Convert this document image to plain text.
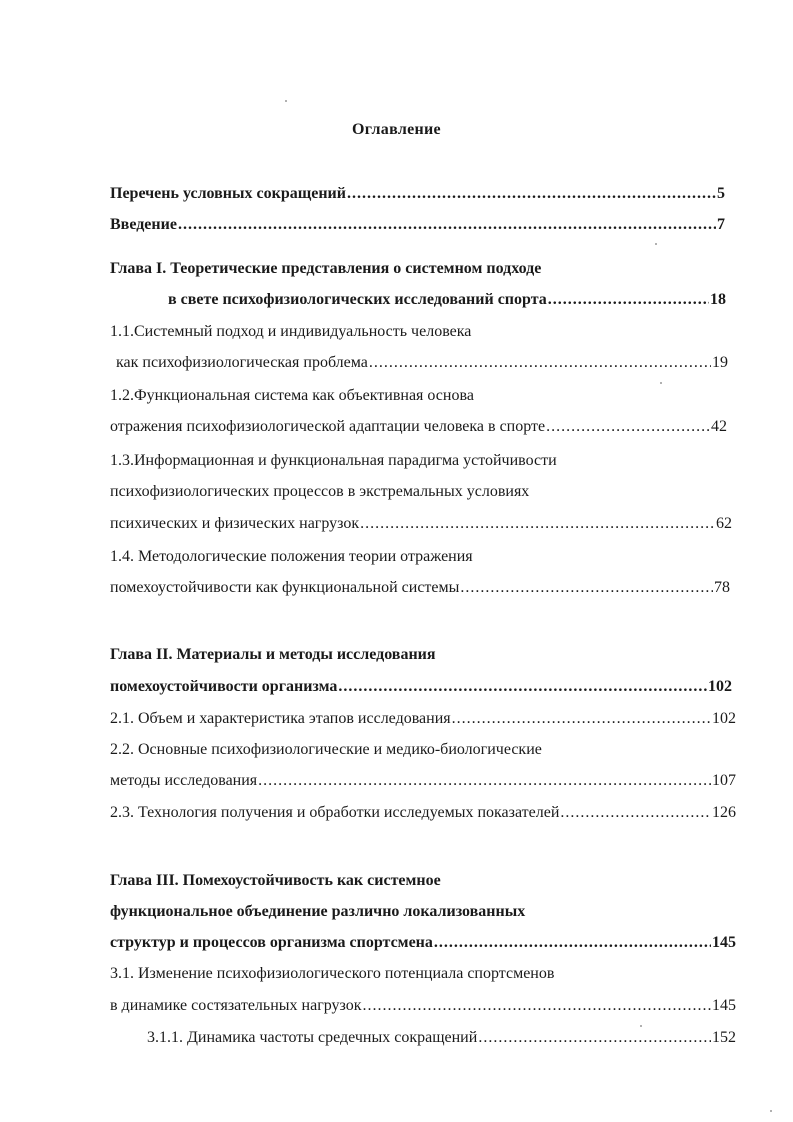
Оглавление
Перечень условных сокращений .....	5
Введение .....	7
Глава I. Теоретические представления о системном подходе
в свете психофизиологических исследований спорта .....	18
1.1.Системный подход и индивидуальность человека
как психофизиологическая проблема .....	19
1.2.Функциональная система как объективная основа
отражения психофизиологической адаптации человека в спорте .....	42
1.3.Информационная и функциональная парадигма устойчивости
психофизиологических процессов в экстремальных условиях
психических и физических нагрузок .....	62
1.4. Методологические положения теории отражения
помехоустойчивости как функциональной системы .....	78
Глава II. Материалы и методы исследования
помехоустойчивости организма .....	102
2.1. Объем и характеристика этапов исследования .....	102
2.2. Основные психофизиологические и медико-биологические
методы исследования .....	107
2.3. Технология получения и обработки исследуемых показателей .....	126
Глава III. Помехоустойчивость как системное
функциональное объединение различно локализованных
структур и процессов организма спортсмена .....	145
3.1. Изменение психофизиологического потенциала спортсменов
в динамике состязательных нагрузок .....	145
3.1.1. Динамика частоты средечных сокращений .....	152
